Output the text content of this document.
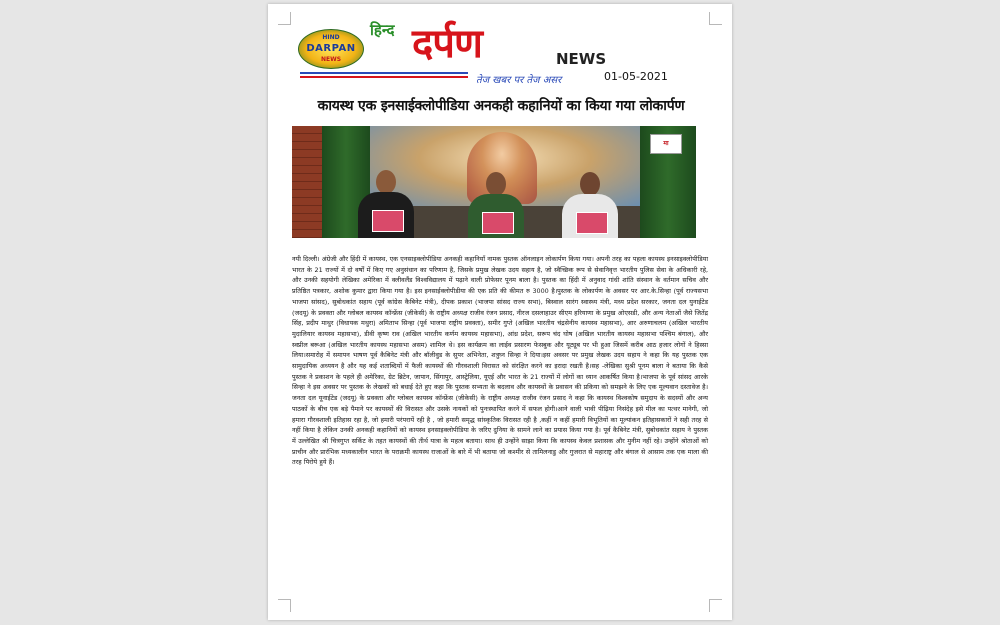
HIND
DARPAN
NEWS
हिन्द दर्पण	NEWS
तेज खबर पर तेज असर	01-05-2021
कायस्थ एक इनसाईक्लोपीडिया अनकही कहानियों का किया गया लोकार्पण
मा
नयी दिल्ली। अंग्रेजी और हिंदी में कायस्थ, एक एनसाइक्लोपीडिया अनकही कहानियाँ नामक पुस्तक ऑनलाइन लोकार्पण किया गया। अपनी तरह का पहला कायस्थ इनसाइक्लोपीडिया भारत के 21 राज्यों में दो वर्षों में किए गए अनुसंधान का परिणाम है, जिसके प्रमुख लेखक उदय सहाय है, जो स्वैच्छिक रूप से सेवानिवृत्त भारतीय पुलिस सेवा के अधिकारी रहे, और उनकी सहयोगी लेखिका अमेरिका में क्लीवलैंड विश्वविद्यालय में पढ़ाने वाली प्रोफेसर पूनम बाला है। पुस्तक का हिंदी में अनुवाद गांधी शांति संस्थान के वर्तमान सचिव और प्रतिष्ठित पत्रकार, अशोक कुमार द्वारा किया गया है। इस इनसाईक्लोपीडीया की एक प्रति की कीमत रु 3000 है।पुस्तक के लोकार्पण के अवसर पर आर.के.सिन्हा (पूर्व राज्यसभा भाजपा सांसद), सुबोधकांत सहाय (पूर्व कांग्रेस कैबिनेट मंत्री), दीपक प्रकाश (भाजपा सांसद राज्य सभा), बिस्वाल सारंग स्वास्थ्य मंत्री, मध्य प्रदेश सरकार, जनता दल युनाईटेड (जदयू) के प्रवक्ता और ग्लोबल कायस्थ कॉन्फ्रेंस (जीकेसी) के राष्ट्रीय अध्यक्ष राजीव रंजन प्रसाद, नीरज दसलाहाउर सीएम हरियाणा के प्रमुख ओएसडी, और अन्य नेताओं जैसे जितेंद्र सिंह, प्रदीप माथुर (विधायक मथुरा) अमिताभ सिन्हा (पूर्व भाजपा राष्ट्रीय प्रवक्ता), समीर गुप्ते (अखिल भारतीय चंद्रसेनीय कायस्थ महासभा), आर अरुणाचलम (अखिल भारतीय मुदालियार कायस्थ महासभा), डीवी कृष्ण राव (अखिल भारतीय कर्णम कायस्थ महासभा), आंध्र प्रदेश, सरूप चंद घोष (अखिल भारतीय कायस्थ महासभा पश्चिम बंगाल), और स्वप्नील बरूआ (अखिल भारतीय कायस्थ महासभा असम) शामिल थे। इस कार्यक्रम का लाईव प्रसारण फेसबुक और यूट्यूब पर भी हुआ जिसमें करीब आठ हजार लोगों ने हिस्सा लिया।समारोह में समापन भाषण पूर्व कैबिनेट मंत्री और बॉलीवुड के सुपर अभिनेता, शत्रुघ्न सिन्हा ने दिया।इस अवसर पर प्रमुख लेखक उदय सहाय ने कहा कि यह पुस्तक एक सामुदायिक अध्ययन है और यह कई शताब्दियों में फैली कायस्थों की गौरवशाली विरासत को संरक्षित करने का इरादा रखती है।सह -लेखिका सुश्री पूनम बाला ने बताया कि कैसे पुस्तक ने प्रकाशन के पहले ही अमेरिका, ग्रेट ब्रिटेन, जापान, सिंगापुर, आस्ट्रेलिया, यूएई और भारत के 21 राज्यों में लोगों का ध्यान आकर्षित किया है।भाजपा के पूर्व सांसद आरके सिन्हा ने इस अवसर पर पुस्तक के लेखकों को बधाई देते हुए कहा कि पुस्तक सभ्यता के बदलाव और कायस्थों के प्रवासन की प्रकिया को समझने के लिए एक मूल्यवान दस्तावेज है। जनता दल यूनाईटेड (जदयू) के प्रवक्ता और ग्लोबल कायस्थ कॉन्फ्रेंस (जीकेसी) के राष्ट्रीय अध्यक्ष राजीव रंजन प्रसाद ने कहा कि कायस्थ विश्वकोष समुदाय के सदस्यों और अन्य पाठकों के बीच एक बड़े पैमाने पर कायस्थों की विरासत और उसके नायकों को पुनःस्थापित करने में सफल होगी।आने वाली भावी पीढ़िया निसंदेह इसे मील का पत्थर मानेगी, जो हमारा गौरवशाली इतिहास रहा है, जो हमारी परंपरायें रही है , जो हमारी समृद्ध सांस्कृतिक विरासत रही है ,कहीं न कहीं हमारी विभूतियों का मूल्यांकन इतिहासकारों ने सही तरह से नहीं किया है लेकिन उनकी अनकही कहानियों को कायस्थ इनसाइक्लोपीडिया के जरिए दुनिया के सामने लाने का प्रयास किया गया है। पूर्व कैबिनेट मंत्री, सुबोधकांत सहाय ने पुस्तक में उल्लेखित श्री चित्रगुप्त सर्किट के तहत कायस्थों की तीर्थ यात्रा के महत्व बताया। साथ ही उन्होंने साझा किया कि कायस्थ केवल प्रशासक और मुनीम नहीं रहे। उन्होंने श्रोताओं को प्राचीन और प्रारंभिक मध्यकालीन भारत के पराक्रमी कायस्थ राजाओं के बारे में भी बताया जो कश्मीर से तामिलनाडु और गुजरात से महाराष्ट्र और बंगाल से आसाम तक एक माला की तरह पिरोये हुये हैं।
